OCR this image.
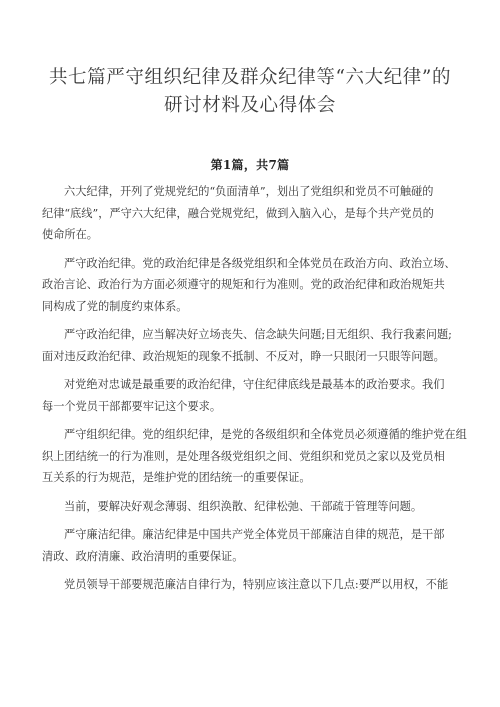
共七篇严守组织纪律及群众纪律等“六大纪律”的
研讨材料及心得体会
第1篇，共7篇
六大纪律，开列了党规党纪的“负面清单”，划出了党组织和党员不可触碰的
纪律“底线”，严守六大纪律，融合党规党纪，做到入脑入心，是每个共产党员的
使命所在。
严守政治纪律。党的政治纪律是各级党组织和全体党员在政治方向、政治立场、
政治言论、政治行为方面必须遵守的规矩和行为准则。党的政治纪律和政治规矩共
同构成了党的制度约束体系。
严守政治纪律，应当解决好立场丧失、信念缺失问题;目无组织、我行我素问题;
面对违反政治纪律、政治规矩的现象不抵制、不反对，睁一只眼闭一只眼等问题。
对党绝对忠诚是最重要的政治纪律，守住纪律底线是最基本的政治要求。我们
每一个党员干部都要牢记这个要求。
严守组织纪律。党的组织纪律，是党的各级组织和全体党员必须遵循的维护党在组
织上团结统一的行为准则，是处理各级党组织之间、党组织和党员之家以及党员相
互关系的行为规范，是维护党的团结统一的重要保证。
当前，要解决好观念薄弱、组织涣散、纪律松弛、干部疏于管理等问题。
严守廉洁纪律。廉洁纪律是中国共产党全体党员干部廉洁自律的规范，是干部
清政、政府清廉、政治清明的重要保证。
党员领导干部要规范廉洁自律行为，特别应该注意以下几点:要严以用权，不能
